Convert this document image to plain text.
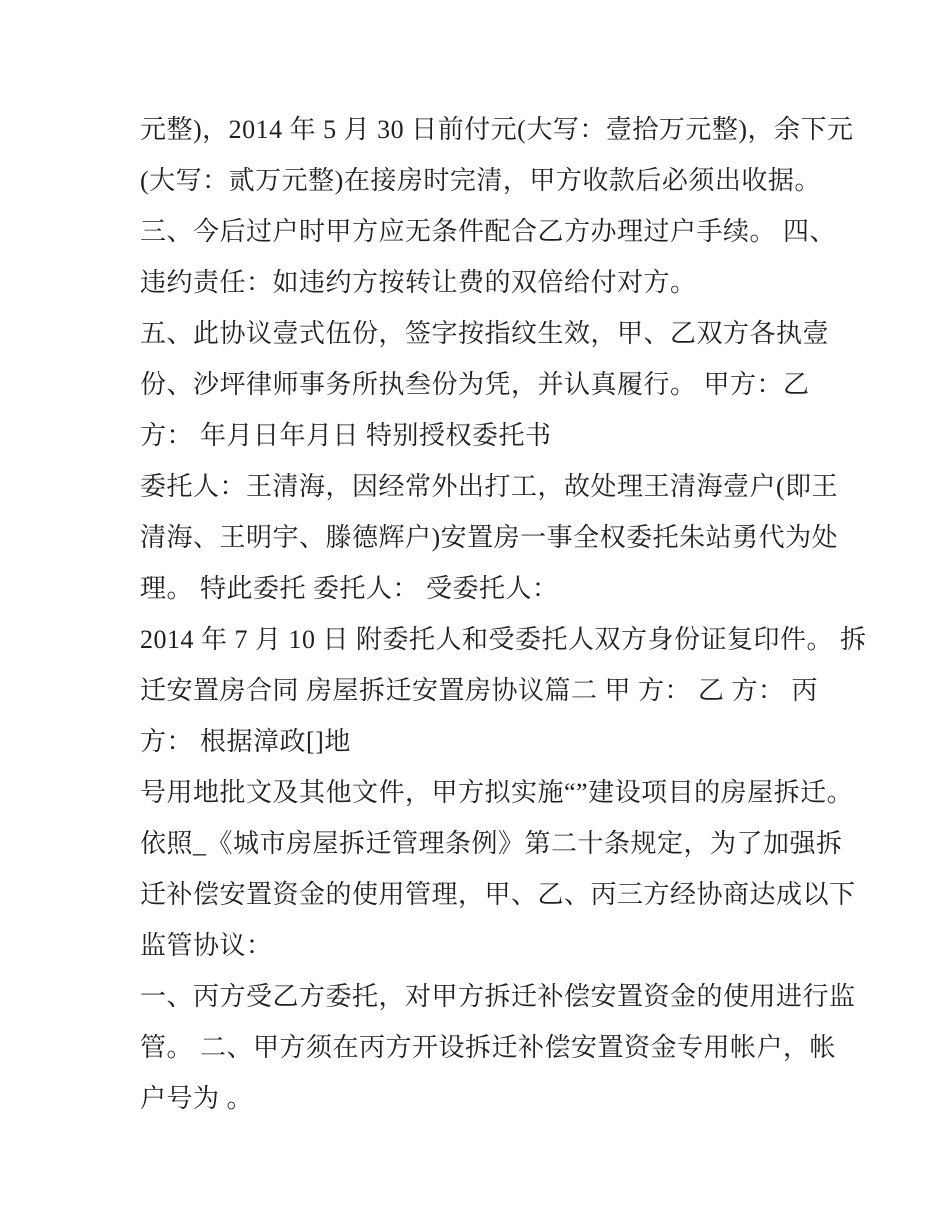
元整)，2014 年 5 月 30 日前付元(大写：壹拾万元整)，余下元
(大写：贰万元整)在接房时完清，甲方收款后必须出收据。
三、今后过户时甲方应无条件配合乙方办理过户手续。 四、
违约责任：如违约方按转让费的双倍给付对方。
五、此协议壹式伍份，签字按指纹生效，甲、乙双方各执壹
份、沙坪律师事务所执叁份为凭，并认真履行。 甲方：乙
方： 年月日年月日 特别授权委托书
委托人：王清海，因经常外出打工，故处理王清海壹户(即王
清海、王明宇、滕德辉户)安置房一事全权委托朱站勇代为处
理。 特此委托 委托人： 受委托人：
2014 年 7 月 10 日 附委托人和受委托人双方身份证复印件。 拆
迁安置房合同 房屋拆迁安置房协议篇二 甲 方： 乙 方： 丙
方： 根据漳政[]地
号用地批文及其他文件，甲方拟实施“”建设项目的房屋拆迁。
依照_《城市房屋拆迁管理条例》第二十条规定，为了加强拆
迁补偿安置资金的使用管理，甲、乙、丙三方经协商达成以下
监管协议：
一、丙方受乙方委托，对甲方拆迁补偿安置资金的使用进行监
管。 二、甲方须在丙方开设拆迁补偿安置资金专用帐户，帐
户号为 。
